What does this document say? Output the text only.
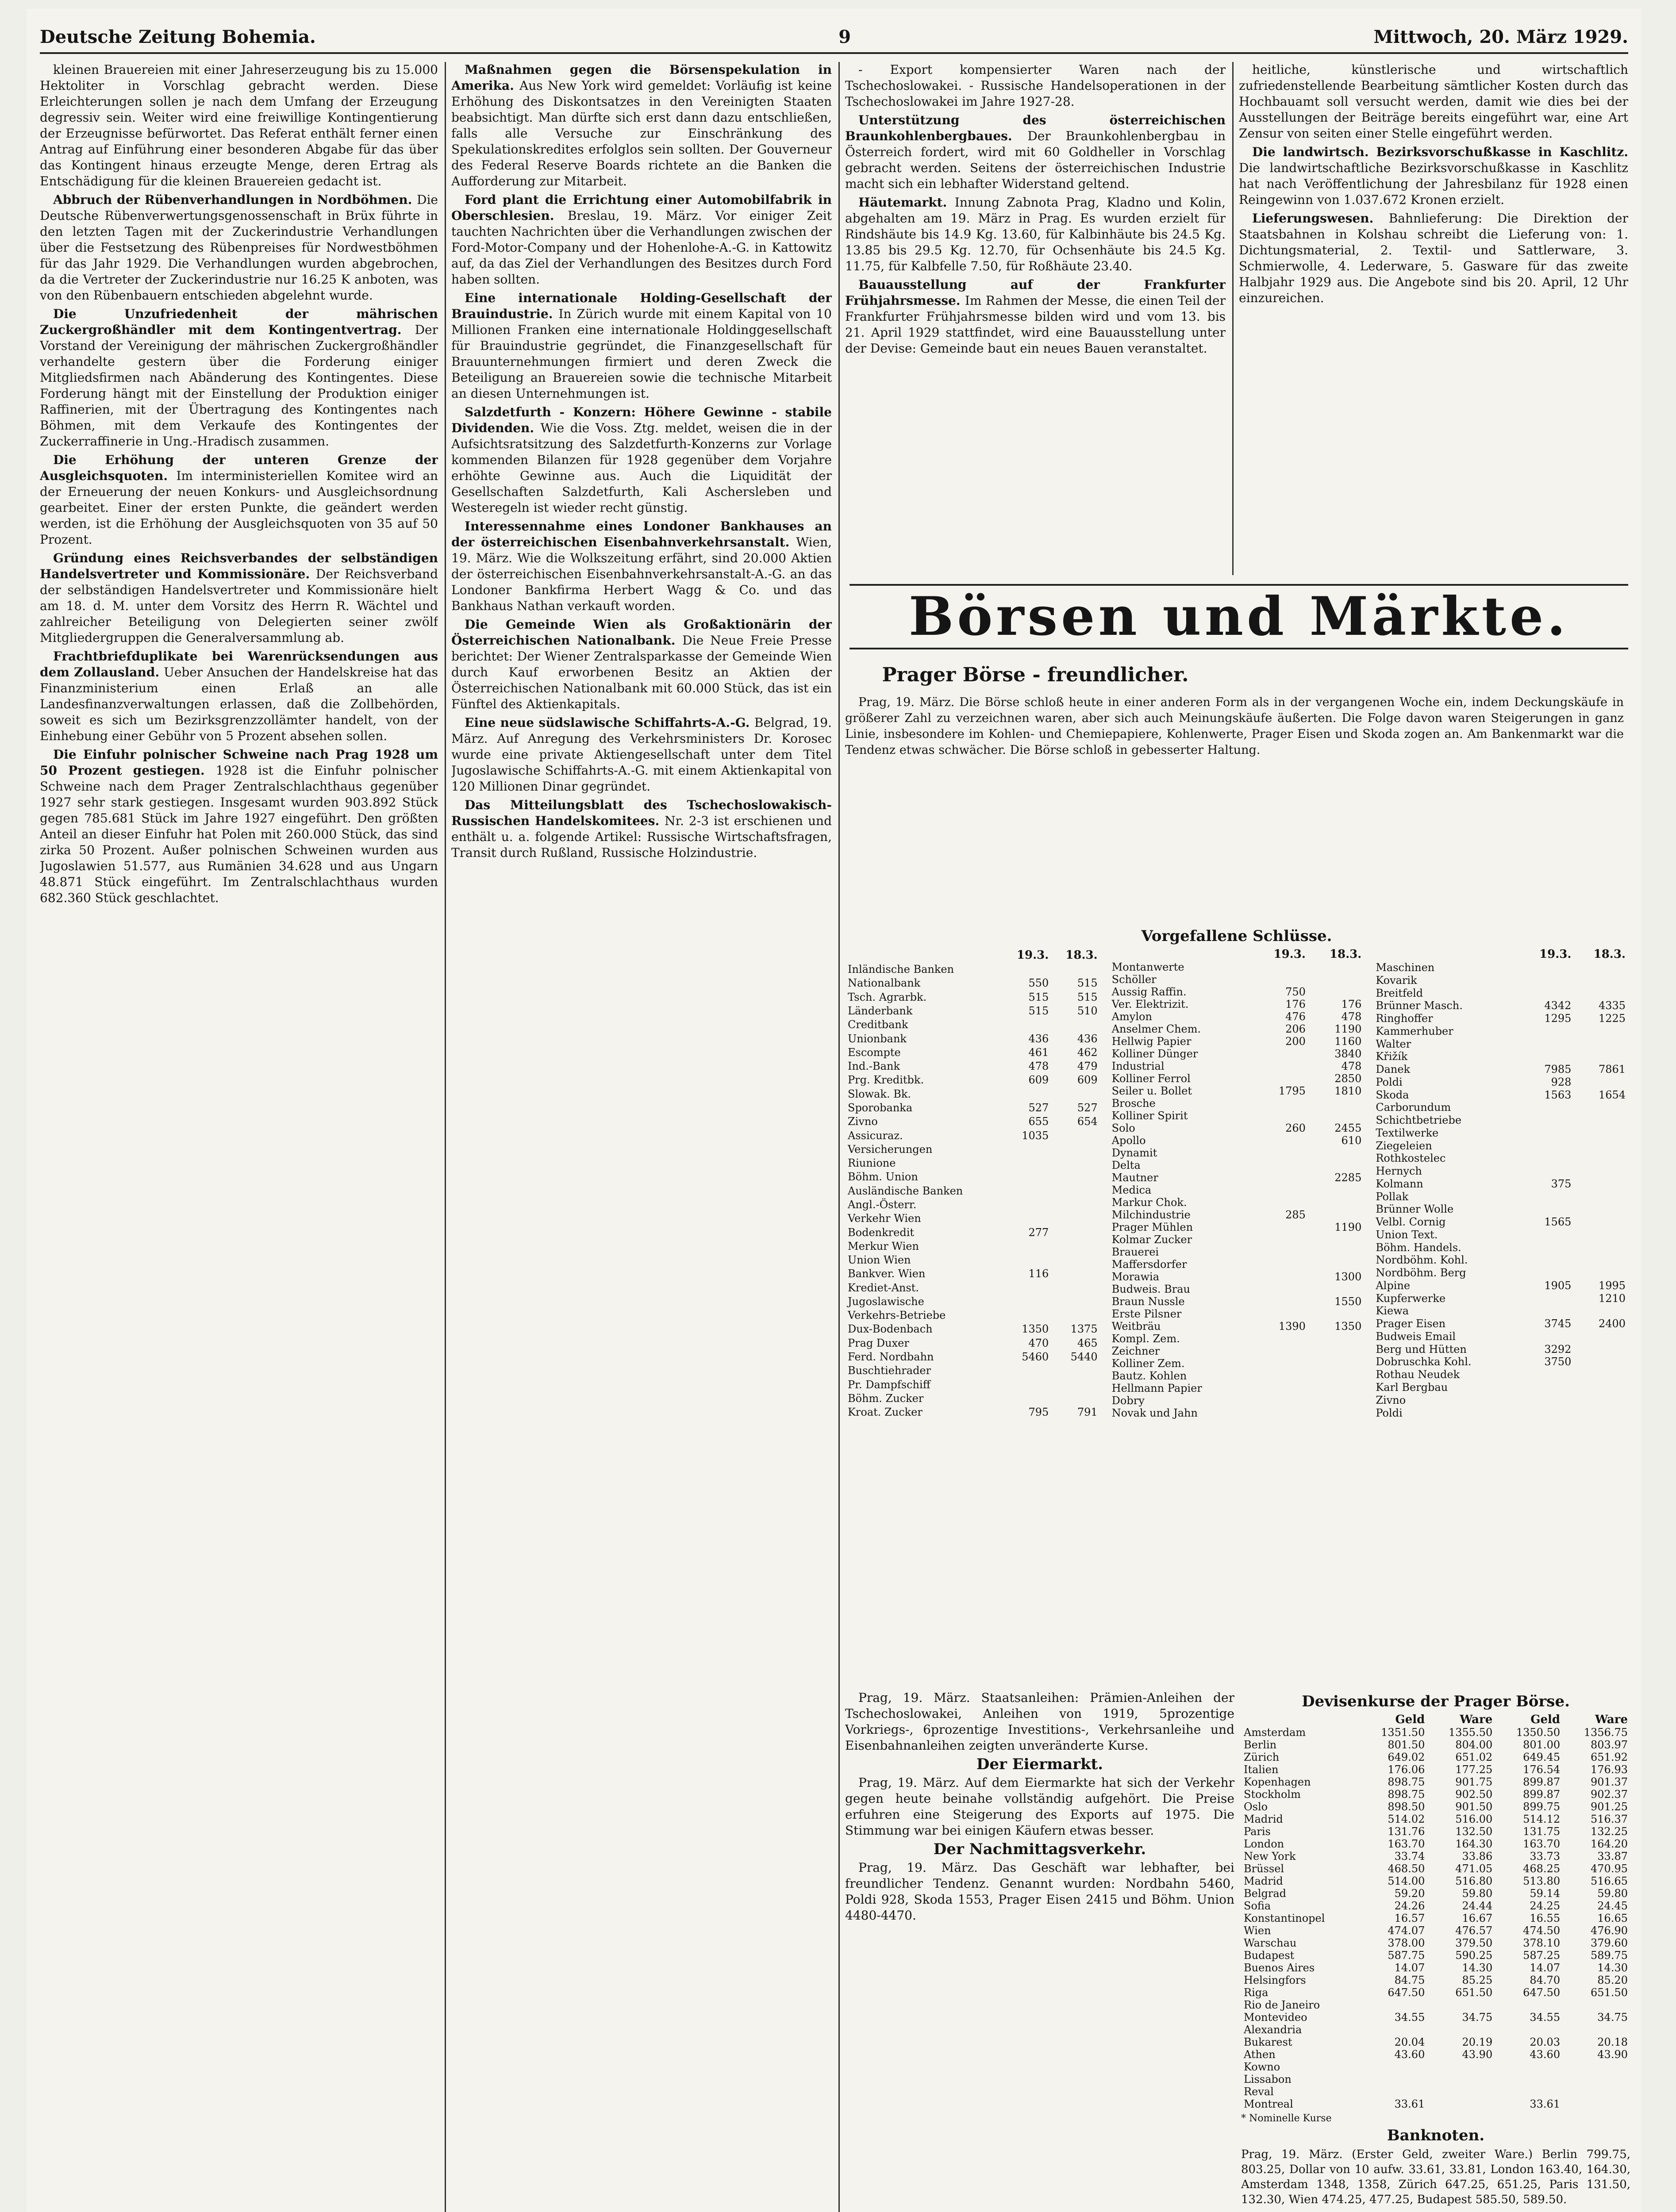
Deutsche Zeitung Bohemia.	9	Mittwoch, 20. März 1929.

kleinen Brauereien mit einer Jahreserzeugung bis zu 15.000 Hektoliter in Vorschlag gebracht werden. Diese Erleichterungen sollen je nach dem Umfang der Erzeugung degressiv sein. Weiter wird eine freiwillige Kontingentierung der Erzeugnisse befürwortet. Das Referat enthält ferner einen Antrag auf Einführung einer besonderen Abgabe für das über das Kontingent hinaus erzeugte Menge, deren Ertrag als Entschädigung für die kleinen Brauereien gedacht ist.

Abbruch der Rübenverhandlungen in Nordböhmen. Die Deutsche Rübenverwertungsgenossenschaft in Brüx führte in den letzten Tagen mit der Zuckerindustrie Verhandlungen über die Festsetzung des Rübenpreises für Nordwestböhmen für das Jahr 1929. Die Verhandlungen wurden abgebrochen, da die Vertreter der Zuckerindustrie nur 16.25 K anboten, was von den Rübenbauern entschieden abgelehnt wurde.

Die Unzufriedenheit der mährischen Zuckergroßhändler mit dem Kontingentvertrag. Der Vorstand der Vereinigung der mährischen Zuckergroßhändler verhandelte gestern über die Forderung einiger Mitgliedsfirmen nach Abänderung des Kontingentes. Diese Forderung hängt mit der Einstellung der Produktion einiger Raffinerien, mit der Übertragung des Kontingentes nach Böhmen, mit dem Verkaufe des Kontingentes der Zuckerraffinerie in Ung.-Hradisch zusammen.

Die Erhöhung der unteren Grenze der Ausgleichsquoten. Im interministeriellen Komitee wird an der Erneuerung der neuen Konkurs- und Ausgleichsordnung gearbeitet. Einer der ersten Punkte, die geändert werden werden, ist die Erhöhung der Ausgleichsquoten von 35 auf 50 Prozent.

Gründung eines Reichsverbandes der selbständigen Handelsvertreter und Kommissionäre. Der Reichsverband der selbständigen Handelsvertreter und Kommissionäre hielt am 18. d. M. unter dem Vorsitz des Herrn R. Wächtel und zahlreicher Beteiligung von Delegierten seiner zwölf Mitgliedergruppen die Generalversammlung ab.

Frachtbriefduplikate bei Warenrücksendungen aus dem Zollausland. Ueber Ansuchen der Handelskreise hat das Finanzministerium einen Erlaß an alle Landesfinanzverwaltungen erlassen, daß die Zollbehörden, soweit es sich um Bezirksgrenzzollämter handelt, von der Einhebung einer Gebühr von 5 Prozent absehen sollen.

Die Einfuhr polnischer Schweine nach Prag 1928 um 50 Prozent gestiegen. 1928 ist die Einfuhr polnischer Schweine nach dem Prager Zentralschlachthaus gegenüber 1927 sehr stark gestiegen. Insgesamt wurden 903.892 Stück gegen 785.681 Stück im Jahre 1927 eingeführt. Den größten Anteil an dieser Einfuhr hat Polen mit 260.000 Stück, das sind zirka 50 Prozent. Außer polnischen Schweinen wurden aus Jugoslawien 51.577, aus Rumänien 34.628 und aus Ungarn 48.871 Stück eingeführt. Im Zentralschlachthaus wurden 682.360 Stück geschlachtet.

Maßnahmen gegen die Börsenspekulation in Amerika. Aus New York wird gemeldet: Vorläufig ist keine Erhöhung des Diskontsatzes in den Vereinigten Staaten beabsichtigt. Man dürfte sich erst dann dazu entschließen, falls alle Versuche zur Einschränkung des Spekulationskredites erfolglos sein sollten. Der Gouverneur des Federal Reserve Boards richtete an die Banken die Aufforderung zur Mitarbeit.

Ford plant die Errichtung einer Automobilfabrik in Oberschlesien. Breslau, 19. März. Vor einiger Zeit tauchten Nachrichten über die Verhandlungen zwischen der Ford-Motor-Company und der Hohenlohe-A.-G. in Kattowitz auf, da das Ziel der Verhandlungen des Besitzes durch Ford haben sollten.

Eine internationale Holding-Gesellschaft der Brauindustrie. In Zürich wurde mit einem Kapital von 10 Millionen Franken eine internationale Holdinggesellschaft für Brauindustrie gegründet, die Finanzgesellschaft für Brauunternehmungen firmiert und deren Zweck die Beteiligung an Brauereien sowie die technische Mitarbeit an diesen Unternehmungen ist.

Salzdetfurth - Konzern: Höhere Gewinne - stabile Dividenden. Wie die Voss. Ztg. meldet, weisen die in der Aufsichtsratsitzung des Salzdetfurth-Konzerns zur Vorlage kommenden Bilanzen für 1928 gegenüber dem Vorjahre erhöhte Gewinne aus. Auch die Liquidität der Gesellschaften Salzdetfurth, Kali Aschersleben und Westeregeln ist wieder recht günstig.

Interessennahme eines Londoner Bankhauses an der österreichischen Eisenbahnverkehrsanstalt. Wien, 19. März. Wie die Wolkszeitung erfährt, sind 20.000 Aktien der österreichischen Eisenbahnverkehrsanstalt-A.-G. an das Londoner Bankfirma Herbert Wagg & Co. und das Bankhaus Nathan verkauft worden.

Die Gemeinde Wien als Großaktionärin der Österreichischen Nationalbank. Die Neue Freie Presse berichtet: Der Wiener Zentralsparkasse der Gemeinde Wien durch Kauf erworbenen Besitz an Aktien der Österreichischen Nationalbank mit 60.000 Stück, das ist ein Fünftel des Aktienkapitals.

Eine neue südslawische Schiffahrts-A.-G. Belgrad, 19. März. Auf Anregung des Verkehrsministers Dr. Korosec wurde eine private Aktiengesellschaft unter dem Titel Jugoslawische Schiffahrts-A.-G. mit einem Aktienkapital von 120 Millionen Dinar gegründet.

Das Mitteilungsblatt des Tschechoslowakisch-Russischen Handelskomitees. Nr. 2-3 ist erschienen und enthält u. a. folgende Artikel: Russische Wirtschaftsfragen, Transit durch Rußland, Russische Holzindustrie.

- Export kompensierter Waren nach der Tschechoslowakei. - Russische Handelsoperationen in der Tschechoslowakei im Jahre 1927-28.

Unterstützung des österreichischen Braunkohlenbergbaues. Der Braunkohlenbergbau in Österreich fordert, wird mit 60 Goldheller in Vorschlag gebracht werden. Seitens der österreichischen Industrie macht sich ein lebhafter Widerstand geltend.

Häutemarkt. Innung Zabnota Prag, Kladno und Kolin, abgehalten am 19. März in Prag. Es wurden erzielt für Rindshäute bis 14.9 Kg. 13.60, für Kalbinhäute bis 24.5 Kg. 13.85 bis 29.5 Kg. 12.70, für Ochsenhäute bis 24.5 Kg. 11.75, für Kalbfelle 7.50, für Roßhäute 23.40.

Bauausstellung auf der Frankfurter Frühjahrsmesse. Im Rahmen der Messe, die einen Teil der Frankfurter Frühjahrsmesse bilden wird und vom 13. bis 21. April 1929 stattfindet, wird eine Bauausstellung unter der Devise: Gemeinde baut ein neues Bauen veranstaltet.

heitliche, künstlerische und wirtschaftlich zufriedenstellende Bearbeitung sämtlicher Kosten durch das Hochbauamt soll versucht werden, damit wie dies bei der Ausstellungen der Beiträge bereits eingeführt war, eine Art Zensur von seiten einer Stelle eingeführt werden.

Die landwirtsch. Bezirksvorschußkasse in Kaschlitz. Die landwirtschaftliche Bezirksvorschußkasse in Kaschlitz hat nach Veröffentlichung der Jahresbilanz für 1928 einen Reingewinn von 1.037.672 Kronen erzielt.

Lieferungswesen. Bahnlieferung: Die Direktion der Staatsbahnen in Kolshau schreibt die Lieferung von: 1. Dichtungsmaterial, 2. Textil- und Sattlerware, 3. Schmierwolle, 4. Lederware, 5. Gasware für das zweite Halbjahr 1929 aus. Die Angebote sind bis 20. April, 12 Uhr einzureichen.

Börsen und Märkte.
Prager Börse - freundlicher.

Prag, 19. März. Die Börse schloß heute in einer anderen Form als in der vergangenen Woche ein, indem Deckungskäufe in größerer Zahl zu verzeichnen waren, aber sich auch Meinungskäufe äußerten. Die Folge davon waren Steigerungen in ganz Linie, insbesondere im Kohlen- und Chemiepapiere, Kohlenwerte, Prager Eisen und Skoda zogen an. Am Bankenmarkt war die Tendenz etwas schwächer. Die Börse schloß in gebesserter Haltung.

Vorgefallene Schlüsse.
	19.3.	18.3.
Inländische Banken		
Nationalbank	550	515
Tsch. Agrarbk.	515	515
Länderbank	515	510
Creditbank		
Unionbank	436	436
Escompte	461	462
Ind.-Bank	478	479
Prg. Kreditbk.	609	609
Slowak. Bk.		
Sporobanka	527	527
Zivno	655	654
Assicuraz.	1035	
Versicherungen		
Riunione		
Böhm. Union		
Ausländische Banken		
Angl.-Österr.		
Verkehr Wien		
Bodenkredit	277	
Merkur Wien		
Union Wien		
Bankver. Wien	116	
Krediet-Anst.		
Jugoslawische		
Verkehrs-Betriebe		
Dux-Bodenbach	1350	1375
Prag Duxer	470	465
Ferd. Nordbahn	5460	5440
Buschtiehrader		
Pr. Dampfschiff		
Böhm. Zucker		
Kroat. Zucker	795	791
	19.3.	18.3.
Montanwerte		
Schöller		
Aussig Raffin.	750	
Ver. Elektrizit.	176	176
Amylon	476	478
Anselmer Chem.	206	1190
Hellwig Papier	200	1160
Kolliner Dünger		3840
Industrial		478
Kolliner Ferrol		2850
Seiler u. Bollet	1795	1810
Brosche		
Kolliner Spirit		
Solo	260	2455
Apollo		610
Dynamit		
Delta		
Mautner		2285
Medica		
Markur Chok.		
Milchindustrie	285	
Prager Mühlen		1190
Kolmar Zucker		
Brauerei		
Maffersdorfer		
Morawia		1300
Budweis. Brau		
Braun Nussle		1550
Erste Pilsner		
Weitbräu	1390	1350
Kompl. Zem.		
Zeichner		
Kolliner Zem.		
Bautz. Kohlen		
Hellmann Papier		
Dobry		
Novak und Jahn		
	19.3.	18.3.
Maschinen		
Kovarik		
Breitfeld		
Brünner Masch.	4342	4335
Ringhoffer	1295	1225
Kammerhuber		
Walter		
Křižík		
Danek	7985	7861
Poldi	928	
Skoda	1563	1654
Carborundum		
Schichtbetriebe		
Textilwerke		
Ziegeleien		
Rothkostelec		
Hernych		
Kolmann	375	
Pollak		
Brünner Wolle		
Velbl. Cornig	1565	
Union Text.		
Böhm. Handels.		
Nordböhm. Kohl.		
Nordböhm. Berg		
Alpine	1905	1995
Kupferwerke		1210
Kiewa		
Prager Eisen	3745	2400
Budweis Email		
Berg und Hütten	3292	
Dobruschka Kohl.	3750	
Rothau Neudek		
Karl Bergbau		
Zivno		
Poldi		

Prag, 19. März. Staatsanleihen: Prämien-Anleihen der Tschechoslowakei, Anleihen von 1919, 5prozentige Vorkriegs-, 6prozentige Investitions-, Verkehrsanleihe und Eisenbahnanleihen zeigten unveränderte Kurse.

Der Eiermarkt.

Prag, 19. März. Auf dem Eiermarkte hat sich der Verkehr gegen heute beinahe vollständig aufgehört. Die Preise erfuhren eine Steigerung des Exports auf 1975. Die Stimmung war bei einigen Käufern etwas besser.

Der Nachmittagsverkehr.

Prag, 19. März. Das Geschäft war lebhafter, bei freundlicher Tendenz. Genannt wurden: Nordbahn 5460, Poldi 928, Skoda 1553, Prager Eisen 2415 und Böhm. Union 4480-4470.

Devisenkurse der Prager Börse.
	Geld	Ware	Geld	Ware
Amsterdam	1351.50	1355.50	1350.50	1356.75
Berlin	801.50	804.00	801.00	803.97
Zürich	649.02	651.02	649.45	651.92
Italien	176.06	177.25	176.54	176.93
Kopenhagen	898.75	901.75	899.87	901.37
Stockholm	898.75	902.50	899.87	902.37
Oslo	898.50	901.50	899.75	901.25
Madrid	514.02	516.00	514.12	516.37
Paris	131.76	132.50	131.75	132.25
London	163.70	164.30	163.70	164.20
New York	33.74	33.86	33.73	33.87
Brüssel	468.50	471.05	468.25	470.95
Madrid	514.00	516.80	513.80	516.65
Belgrad	59.20	59.80	59.14	59.80
Sofia	24.26	24.44	24.25	24.45
Konstantinopel	16.57	16.67	16.55	16.65
Wien	474.07	476.57	474.50	476.90
Warschau	378.00	379.50	378.10	379.60
Budapest	587.75	590.25	587.25	589.75
Buenos Aires	14.07	14.30	14.07	14.30
Helsingfors	84.75	85.25	84.70	85.20
Riga	647.50	651.50	647.50	651.50
Rio de Janeiro				
Montevideo	34.55	34.75	34.55	34.75
Alexandria				
Bukarest	20.04	20.19	20.03	20.18
Athen	43.60	43.90	43.60	43.90
Kowno				
Lissabon				
Reval				
Montreal	33.61		33.61	
* Nominelle Kurse
Banknoten.
Prag, 19. März. (Erster Geld, zweiter Ware.) Berlin 799.75, 803.25, Dollar von 10 aufw. 33.61, 33.81, London 163.40, 164.30, Amsterdam 1348, 1358, Zürich 647.25, 651.25, Paris 131.50, 132.30, Wien 474.25, 477.25, Budapest 585.50, 589.50.
